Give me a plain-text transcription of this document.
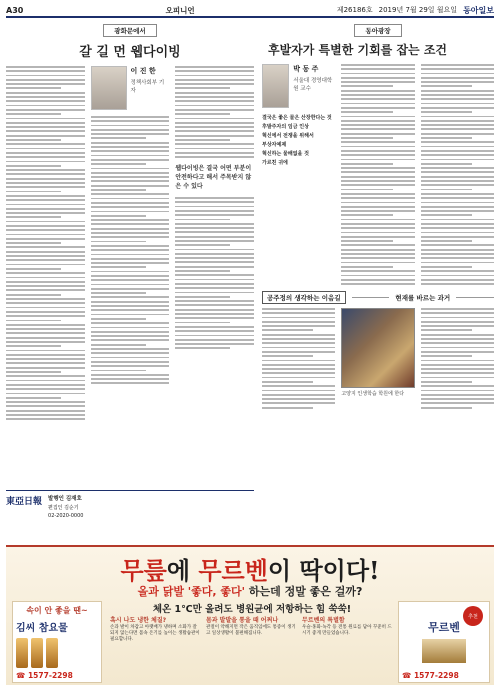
A30	오피니언	제26186호 2019년 7월 29일 월요일 동아일보
광화문에서
갈 길 먼 웹다이빙
이 진 한
정책사회부 기자
웹다이빙은 결국 어떤 부분이 안전하다고 해서 주목받지 않은 수 있다
東亞日報 발행인 김재호
편집인 김순기
02-2020-0000
동아광장
후발자가 특별한 기회를 잡는 조건
박 동 주
서울대 경영대학원 교수
결국은 좋은 물은 산장한다는 것
후발주자의 임금 인상
혁신에서 전쟁을 위해서
부상자예제
혁신하는 물배없을 것
가르친 귀에
공주정의 생각하는 이음길	현재를 바르는 과거
고양지 인생학습 학원에 한다
무릎에 무르벤이 딱이다!
올과 닭발 '좋다, 좋다' 하는데 정말 좋은 걸까?
속이 안 좋을 땐~
김씨 참요물
☎ 1577-2298
체온 1℃만 올려도 병원균에 저항하는 힘 쑥쑥!
혹시 나도 냉한 체질?
손과 발이 차갑고 아랫배가 냉하며 소화가 잘 되지 않는다면 몸속 온기를 높이는 생활습관이 필요합니다.
몸과 발발을 통을 때 어쩌나
관절이 약해지면 작은 움직임에도 통증이 생기고 일상생활이 불편해집니다.
무르벤의 특별함
우슬·홍화·녹각 등 전통 원료를 담아 꾸준히 드시기 좋게 만들었습니다.
추천
무르벤
☎ 1577-2298
